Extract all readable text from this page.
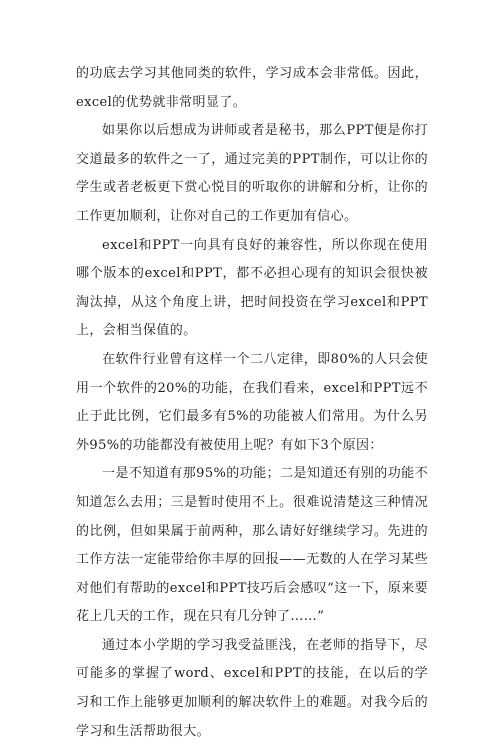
的功底去学习其他同类的软件，学习成本会非常低。因此，excel的优势就非常明显了。

如果你以后想成为讲师或者是秘书，那么PPT便是你打交道最多的软件之一了，通过完美的PPT制作，可以让你的学生或者老板更下赏心悦目的听取你的讲解和分析，让你的工作更加顺利，让你对自己的工作更加有信心。

excel和PPT一向具有良好的兼容性，所以你现在使用哪个版本的excel和PPT，都不必担心现有的知识会很快被淘汰掉，从这个角度上讲，把时间投资在学习excel和PPT上，会相当保值的。

在软件行业曾有这样一个二八定律，即80%的人只会使用一个软件的20%的功能，在我们看来，excel和PPT远不止于此比例，它们最多有5%的功能被人们常用。为什么另外95%的功能都没有被使用上呢？有如下3个原因：

一是不知道有那95%的功能；二是知道还有别的功能不知道怎么去用；三是暂时使用不上。很难说清楚这三种情况的比例，但如果属于前两种，那么请好好继续学习。先进的工作方法一定能带给你丰厚的回报——无数的人在学习某些对他们有帮助的excel和PPT技巧后会感叹“这一下，原来要花上几天的工作，现在只有几分钟了……”

通过本小学期的学习我受益匪浅，在老师的指导下，尽可能多的掌握了word、excel和PPT的技能，在以后的学习和工作上能够更加顺利的解决软件上的难题。对我今后的学习和生活帮助很大。
